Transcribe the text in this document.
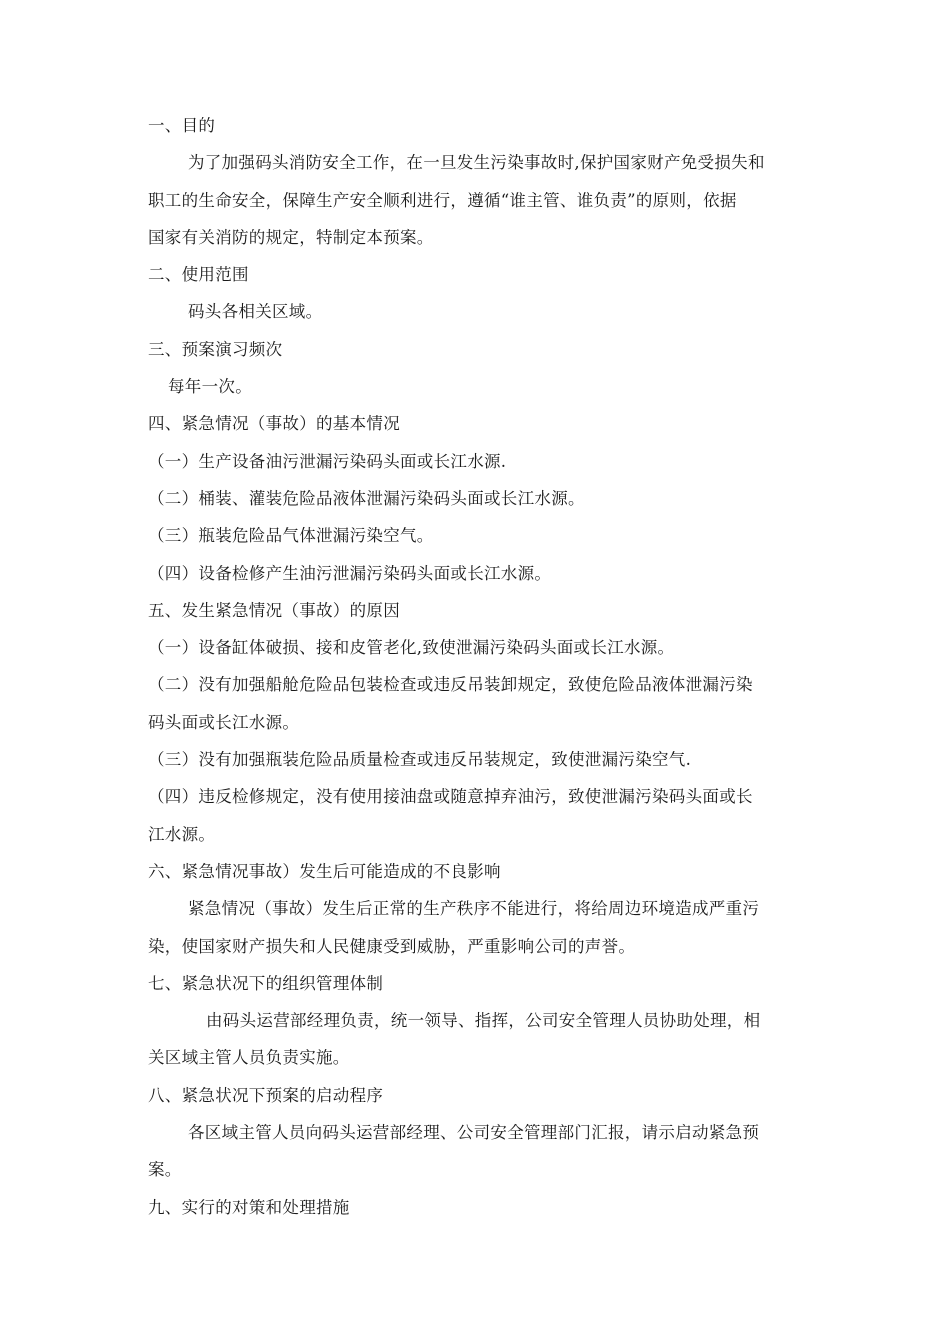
一、目的
为了加强码头消防安全工作，在一旦发生污染事故时,保护国家财产免受损失和
职工的生命安全，保障生产安全顺利进行，遵循“谁主管、谁负责”的原则，依据
国家有关消防的规定，特制定本预案。
二、使用范围
码头各相关区域。
三、预案演习频次
每年一次。
四、紧急情况（事故）的基本情况
（一）生产设备油污泄漏污染码头面或长江水源.
（二）桶装、灌装危险品液体泄漏污染码头面或长江水源。
（三）瓶装危险品气体泄漏污染空气。
（四）设备检修产生油污泄漏污染码头面或长江水源。
五、发生紧急情况（事故）的原因
（一）设备缸体破损、接和皮管老化,致使泄漏污染码头面或长江水源。
（二）没有加强船舱危险品包装检查或违反吊装卸规定，致使危险品液体泄漏污染
码头面或长江水源。
（三）没有加强瓶装危险品质量检查或违反吊装规定，致使泄漏污染空气.
（四）违反检修规定，没有使用接油盘或随意掉弃油污，致使泄漏污染码头面或长
江水源。
六、紧急情况事故）发生后可能造成的不良影响
紧急情况（事故）发生后正常的生产秩序不能进行，将给周边环境造成严重污
染，使国家财产损失和人民健康受到威胁，严重影响公司的声誉。
七、紧急状况下的组织管理体制
由码头运营部经理负责，统一领导、指挥，公司安全管理人员协助处理，相
关区域主管人员负责实施。
八、紧急状况下预案的启动程序
各区域主管人员向码头运营部经理、公司安全管理部门汇报，请示启动紧急预
案。
九、实行的对策和处理措施
